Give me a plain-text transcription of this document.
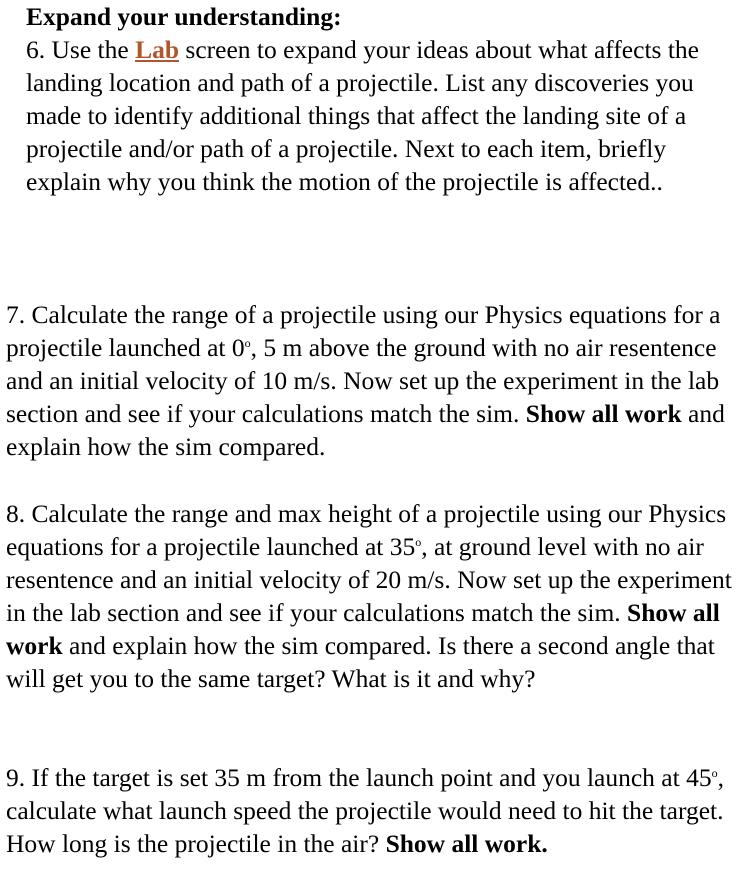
Expand your understanding:

6. Use the Lab screen to expand your ideas about what affects the landing location and path of a projectile. List any discoveries you made to identify additional things that affect the landing site of a projectile and/or path of a projectile. Next to each item, briefly explain why you think the motion of the projectile is affected..

7. Calculate the range of a projectile using our Physics equations for a projectile launched at 0$^o$, 5 m above the ground with no air resentence and an initial velocity of 10 m/s. Now set up the experiment in the lab section and see if your calculations match the sim. Show all work and explain how the sim compared.

8. Calculate the range and max height of a projectile using our Physics equations for a projectile launched at 35$^o$, at ground level with no air resentence and an initial velocity of 20 m/s. Now set up the experiment in the lab section and see if your calculations match the sim. Show all work and explain how the sim compared. Is there a second angle that will get you to the same target? What is it and why?

9. If the target is set 35 m from the launch point and you launch at 45$^o$, calculate what launch speed the projectile would need to hit the target. How long is the projectile in the air? Show all work.
